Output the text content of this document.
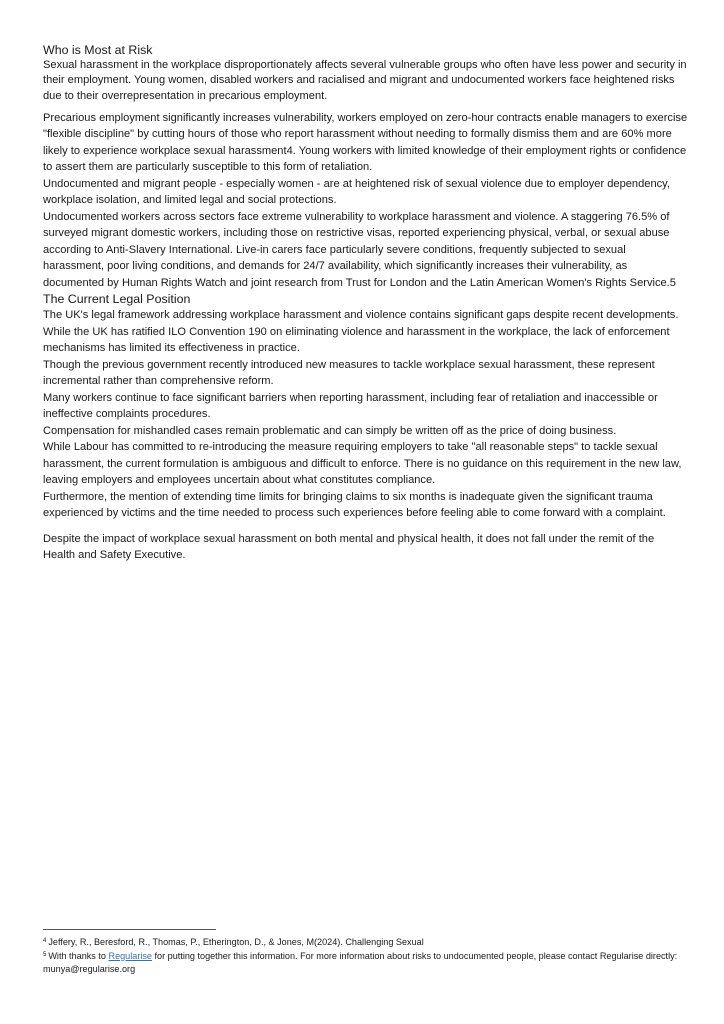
Who is Most at Risk

Sexual harassment in the workplace disproportionately affects several vulnerable groups who often have less power and security in their employment. Young women, disabled workers and racialised and migrant and undocumented workers face heightened risks due to their overrepresentation in precarious employment.

Precarious employment significantly increases vulnerability, workers employed on zero-hour contracts enable managers to exercise "flexible discipline" by cutting hours of those who report harassment without needing to formally dismiss them and are 60% more likely to experience workplace sexual harassment4. Young workers with limited knowledge of their employment rights or confidence to assert them are particularly susceptible to this form of retaliation.

Undocumented and migrant people - especially women - are at heightened risk of sexual violence due to employer dependency, workplace isolation, and limited legal and social protections.

Undocumented workers across sectors face extreme vulnerability to workplace harassment and violence. A staggering 76.5% of surveyed migrant domestic workers, including those on restrictive visas, reported experiencing physical, verbal, or sexual abuse according to Anti-Slavery International. Live-in carers face particularly severe conditions, frequently subjected to sexual harassment, poor living conditions, and demands for 24/7 availability, which significantly increases their vulnerability, as documented by Human Rights Watch and joint research from Trust for London and the Latin American Women's Rights Service.5

The Current Legal Position

The UK's legal framework addressing workplace harassment and violence contains significant gaps despite recent developments. While the UK has ratified ILO Convention 190 on eliminating violence and harassment in the workplace, the lack of enforcement mechanisms has limited its effectiveness in practice.

Though the previous government recently introduced new measures to tackle workplace sexual harassment, these represent incremental rather than comprehensive reform.

Many workers continue to face significant barriers when reporting harassment, including fear of retaliation and inaccessible or ineffective complaints procedures.

Compensation for mishandled cases remain problematic and can simply be written off as the price of doing business.

While Labour has committed to re-introducing the measure requiring employers to take "all reasonable steps" to tackle sexual harassment, the current formulation is ambiguous and difficult to enforce. There is no guidance on this requirement in the new law, leaving employers and employees uncertain about what constitutes compliance.

Furthermore, the mention of extending time limits for bringing claims to six months is inadequate given the significant trauma experienced by victims and the time needed to process such experiences before feeling able to come forward with a complaint.

Despite the impact of workplace sexual harassment on both mental and physical health, it does not fall under the remit of the Health and Safety Executive.

$^4$ Jeffery, R., Beresford, R., Thomas, P., Etherington, D., & Jones, M(2024). Challenging Sexual

$^5$ With thanks to Regularise for putting together this information. For more information about risks to undocumented people, please contact Regularise directly: munya@regularise.org
